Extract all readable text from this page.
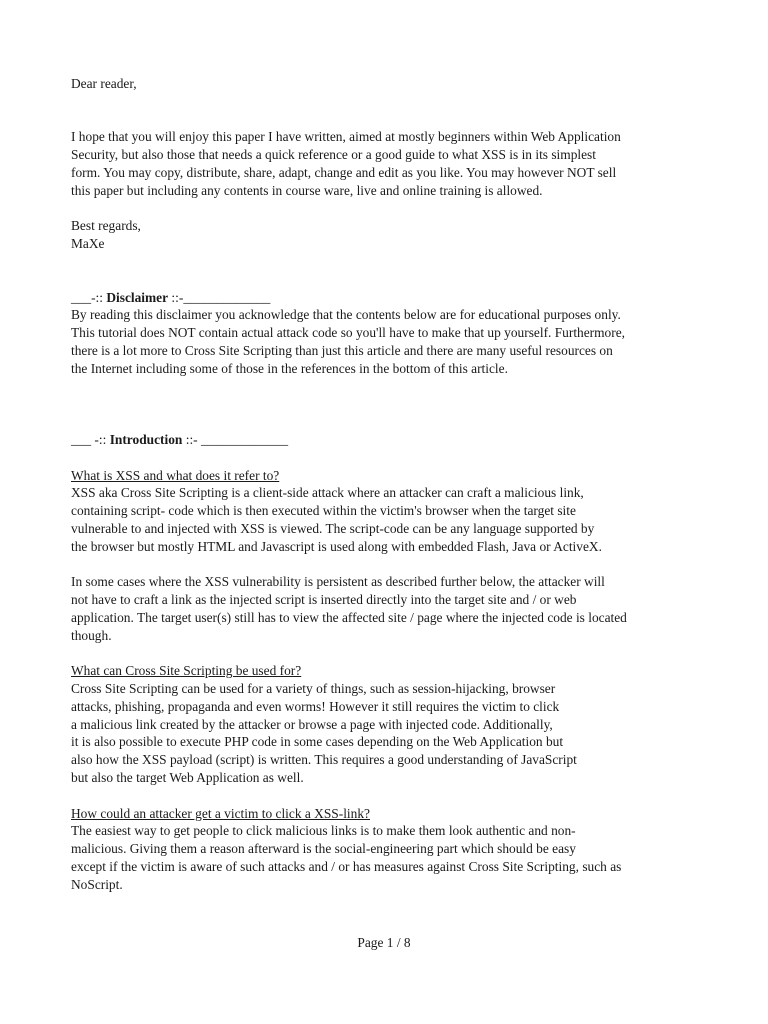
Dear reader,

I hope that you will enjoy this paper I have written, aimed at mostly beginners within Web Application
Security, but also those that needs a quick reference or a good guide to what XSS is in its simplest
form. You may copy, distribute, share, adapt, change and edit as you like. You may however NOT sell
this paper but including any contents in course ware, live and online training is allowed.

Best regards,
MaXe

___-:: Disclaimer ::-_____________
By reading this disclaimer you acknowledge that the contents below are for educational purposes only.
This tutorial does NOT contain actual attack code so you'll have to make that up yourself. Furthermore,
there is a lot more to Cross Site Scripting than just this article and there are many useful resources on
the Internet including some of those in the references in the bottom of this article.

___ -:: Introduction ::- _____________

What is XSS and what does it refer to?
XSS aka Cross Site Scripting is a client-side attack where an attacker can craft a malicious link,
containing script- code which is then executed within the victim's browser when the target site
vulnerable to and injected with XSS is viewed. The script-code can be any language supported by
the browser but mostly HTML and Javascript is used along with embedded Flash, Java or ActiveX.

In some cases where the XSS vulnerability is persistent as described further below, the attacker will
not have to craft a link as the injected script is inserted directly into the target site and / or web
application. The target user(s) still has to view the affected site / page where the injected code is located
though.

What can Cross Site Scripting be used for?
Cross Site Scripting can be used for a variety of things, such as session-hijacking, browser
attacks, phishing, propaganda and even worms! However it still requires the victim to click
a malicious link created by the attacker or browse a page with injected code. Additionally,
it is also possible to execute PHP code in some cases depending on the Web Application but
also how the XSS payload (script) is written. This requires a good understanding of JavaScript
but also the target Web Application as well.

How could an attacker get a victim to click a XSS-link?
The easiest way to get people to click malicious links is to make them look authentic and non-
malicious. Giving them a reason afterward is the social-engineering part which should be easy
except if the victim is aware of such attacks and / or has measures against Cross Site Scripting, such as
NoScript.

Page 1 / 8
